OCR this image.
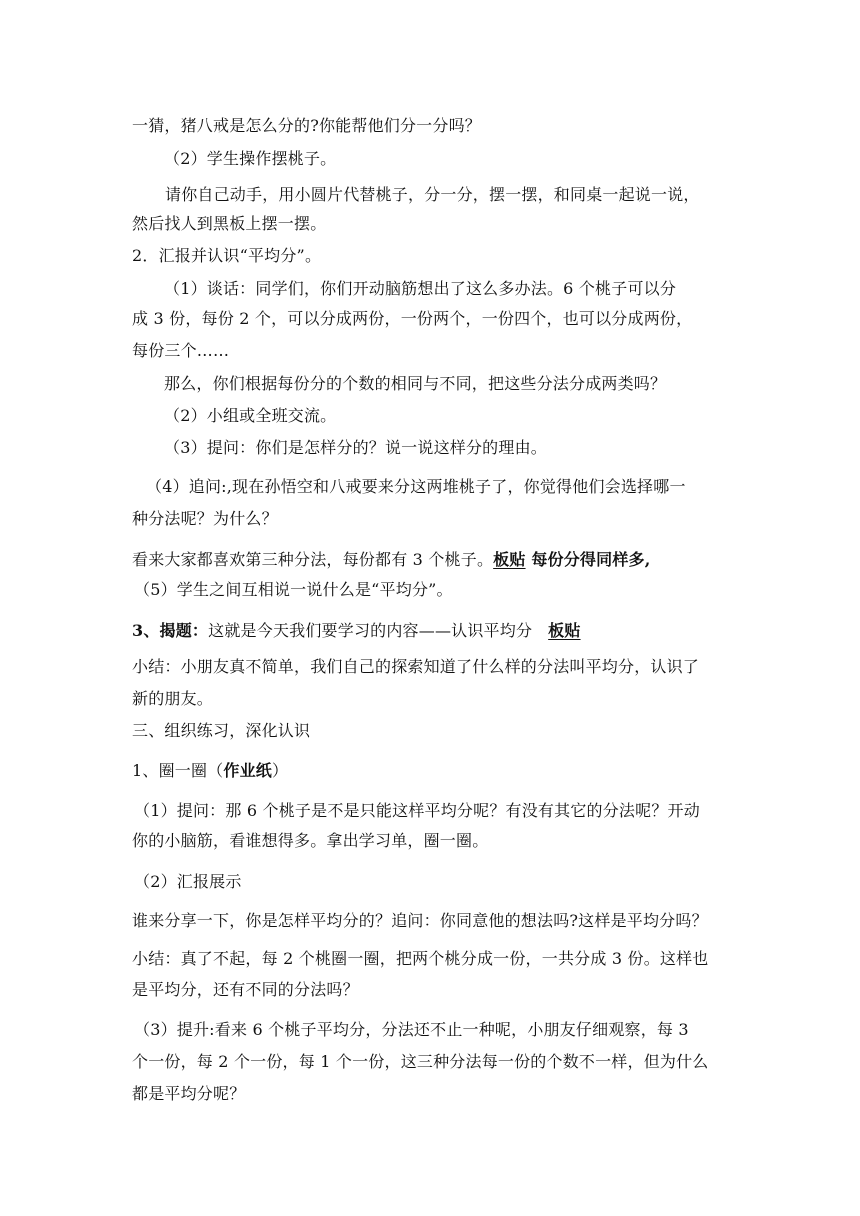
一猜，猪八戒是怎么分的?你能帮他们分一分吗？
（2）学生操作摆桃子。
请你自己动手，用小圆片代替桃子，分一分，摆一摆，和同桌一起说一说，
然后找人到黑板上摆一摆。
2．汇报并认识“平均分”。
（1）谈话：同学们，你们开动脑筋想出了这么多办法。6 个桃子可以分
成 3 份，每份 2 个，可以分成两份，一份两个，一份四个，也可以分成两份，
每份三个……
那么，你们根据每份分的个数的相同与不同，把这些分法分成两类吗？
（2）小组或全班交流。
（3）提问：你们是怎样分的？说一说这样分的理由。
（4）追问:,现在孙悟空和八戒要来分这两堆桃子了，你觉得他们会选择哪一
种分法呢？为什么？
看来大家都喜欢第三种分法，每份都有 3 个桃子。板贴 每份分得同样多,
（5）学生之间互相说一说什么是“平均分”。
3、揭题：这就是今天我们要学习的内容——认识平均分 板贴
小结：小朋友真不简单，我们自己的探索知道了什么样的分法叫平均分，认识了
新的朋友。
三、组织练习，深化认识
1、圈一圈（作业纸）
（1）提问：那 6 个桃子是不是只能这样平均分呢？有没有其它的分法呢？开动
你的小脑筋，看谁想得多。拿出学习单，圈一圈。
（2）汇报展示
谁来分享一下，你是怎样平均分的？追问：你同意他的想法吗?这样是平均分吗？
小结：真了不起，每 2 个桃圈一圈，把两个桃分成一份，一共分成 3 份。这样也
是平均分，还有不同的分法吗？
（3）提升:看来 6 个桃子平均分，分法还不止一种呢，小朋友仔细观察，每 3
个一份，每 2 个一份，每 1 个一份，这三种分法每一份的个数不一样，但为什么
都是平均分呢？
